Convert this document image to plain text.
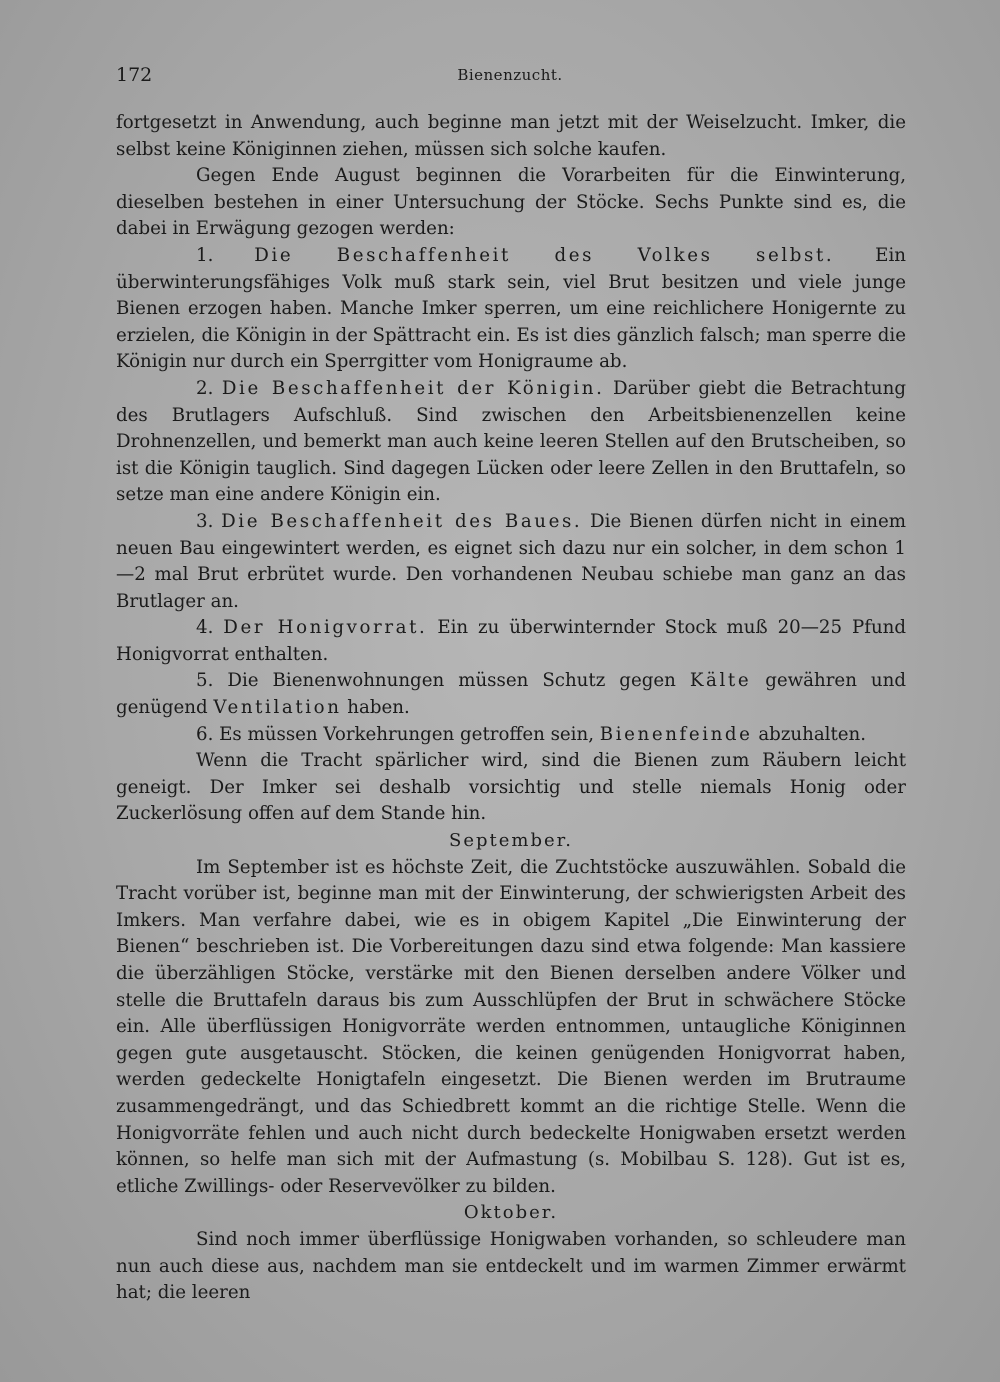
172	Bienenzucht.

fortgesetzt in Anwendung, auch beginne man jetzt mit der Weiselzucht. Imker, die selbst keine Königinnen ziehen, müssen sich solche kaufen.

Gegen Ende August beginnen die Vorarbeiten für die Einwinterung, dieselben bestehen in einer Untersuchung der Stöcke. Sechs Punkte sind es, die dabei in Erwägung gezogen werden:

1. Die Beschaffenheit des Volkes selbst. Ein überwinterungsfähiges Volk muß stark sein, viel Brut besitzen und viele junge Bienen erzogen haben. Manche Imker sperren, um eine reichlichere Honigernte zu erzielen, die Königin in der Spättracht ein. Es ist dies gänzlich falsch; man sperre die Königin nur durch ein Sperrgitter vom Honigraume ab.

2. Die Beschaffenheit der Königin. Darüber giebt die Betrachtung des Brutlagers Aufschluß. Sind zwischen den Arbeitsbienenzellen keine Drohnenzellen, und bemerkt man auch keine leeren Stellen auf den Brutscheiben, so ist die Königin tauglich. Sind dagegen Lücken oder leere Zellen in den Bruttafeln, so setze man eine andere Königin ein.

3. Die Beschaffenheit des Baues. Die Bienen dürfen nicht in einem neuen Bau eingewintert werden, es eignet sich dazu nur ein solcher, in dem schon 1—2 mal Brut erbrütet wurde. Den vorhandenen Neubau schiebe man ganz an das Brutlager an.

4. Der Honigvorrat. Ein zu überwinternder Stock muß 20—25 Pfund Honigvorrat enthalten.

5. Die Bienenwohnungen müssen Schutz gegen Kälte gewähren und genügend Ventilation haben.

6. Es müssen Vorkehrungen getroffen sein, Bienenfeinde abzuhalten.

Wenn die Tracht spärlicher wird, sind die Bienen zum Räubern leicht geneigt. Der Imker sei deshalb vorsichtig und stelle niemals Honig oder Zuckerlösung offen auf dem Stande hin.

September.

Im September ist es höchste Zeit, die Zuchtstöcke auszuwählen. Sobald die Tracht vorüber ist, beginne man mit der Einwinterung, der schwierigsten Arbeit des Imkers. Man verfahre dabei, wie es in obigem Kapitel „Die Einwinterung der Bienen“ beschrieben ist. Die Vorbereitungen dazu sind etwa folgende: Man kassiere die überzähligen Stöcke, verstärke mit den Bienen derselben andere Völker und stelle die Bruttafeln daraus bis zum Ausschlüpfen der Brut in schwächere Stöcke ein. Alle überflüssigen Honigvorräte werden entnommen, untaugliche Königinnen gegen gute ausgetauscht. Stöcken, die keinen genügenden Honigvorrat haben, werden gedeckelte Honigtafeln eingesetzt. Die Bienen werden im Brutraume zusammengedrängt, und das Schiedbrett kommt an die richtige Stelle. Wenn die Honigvorräte fehlen und auch nicht durch bedeckelte Honigwaben ersetzt werden können, so helfe man sich mit der Aufmastung (s. Mobilbau S. 128). Gut ist es, etliche Zwillings- oder Reservevölker zu bilden.

Oktober.

Sind noch immer überflüssige Honigwaben vorhanden, so schleudere man nun auch diese aus, nachdem man sie entdeckelt und im warmen Zimmer erwärmt hat; die leeren
